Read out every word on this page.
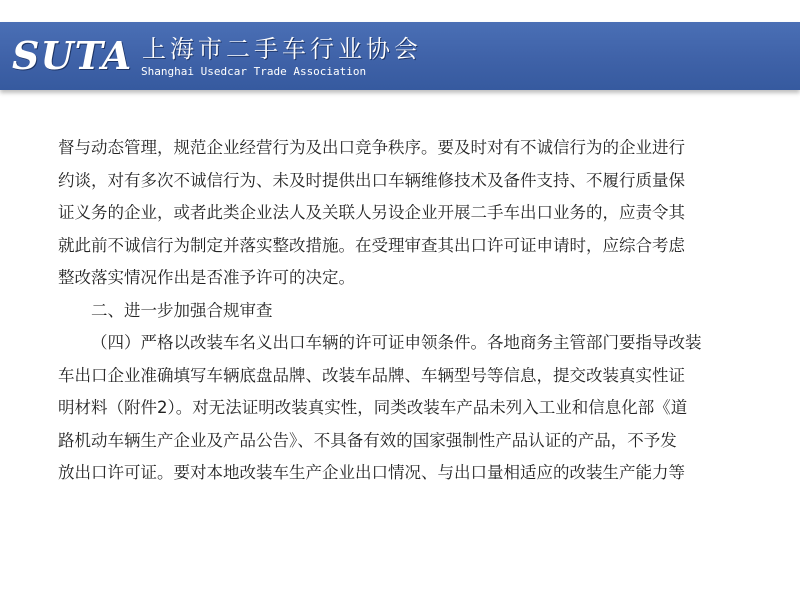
SUTA 上海市二手车行业协会
Shanghai Usedcar Trade Association
督与动态管理，规范企业经营行为及出口竞争秩序。要及时对有不诚信行为的企业进行
约谈，对有多次不诚信行为、未及时提供出口车辆维修技术及备件支持、不履行质量保
证义务的企业，或者此类企业法人及关联人另设企业开展二手车出口业务的，应责令其
就此前不诚信行为制定并落实整改措施。在受理审查其出口许可证申请时，应综合考虑
整改落实情况作出是否准予许可的决定。
二、进一步加强合规审查
（四）严格以改装车名义出口车辆的许可证申领条件。各地商务主管部门要指导改装
车出口企业准确填写车辆底盘品牌、改装车品牌、车辆型号等信息，提交改装真实性证
明材料（附件2）。对无法证明改装真实性，同类改装车产品未列入工业和信息化部《道
路机动车辆生产企业及产品公告》、不具备有效的国家强制性产品认证的产品，不予发
放出口许可证。要对本地改装车生产企业出口情况、与出口量相适应的改装生产能力等
